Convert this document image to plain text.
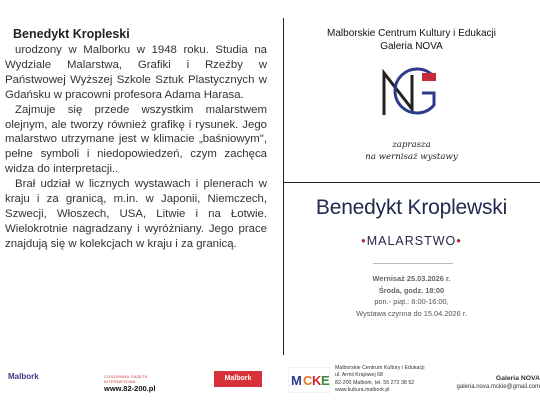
Benedykt Kropleski

urodzony w Malborku w 1948 roku. Studia na Wydziale Malarstwa, Grafiki i Rzeźby w Państwowej Wyższej Szkole Sztuk Plastycznych w Gdańsku w pracowni profesora Adama Harasa.

Zajmuje się przede wszystkim malarstwem olejnym, ale tworzy również grafikę i rysunek. Jego malarstwo utrzymane jest w klimacie „baśniowym", pełne symboli i niedopowiedzeń, czym zachęca widza do interpretacji..

Brał udział w licznych wystawach i plenerach w kraju i za granicą, m.in. w Japonii, Niemczech, Szwecji, Włoszech, USA, Litwie i na Łotwie. Wielokrotnie nagradzany i wyróżniany. Jego prace znajdują się w kolekcjach w kraju i za granicą.

Malborskie Centrum Kultury i Edukacji
Galeria NOVA
zaprasza
na wernisaż wystawy
Benedykt Kroplewski
•MALARSTWO•
Wernisaż 25.03.2026 r.
Środa, godz. 18:00
pon.- piąt.: 8:00-16:00,
Wystawa czynna do 15.04.2026 r.
Malbork	CODZIENNA GAZETA INTERNETOWA
www.82-200.pl
Malbork	M C K E
Malborskie Centrum Kultury i Edukacji
ul. Armii Krajowej 68
82-200 Malbork, tel. 55 272 38 52
www.kultura.malbork.pl
Galeria NOVA
galeria.nova.mckie@gmail.com
